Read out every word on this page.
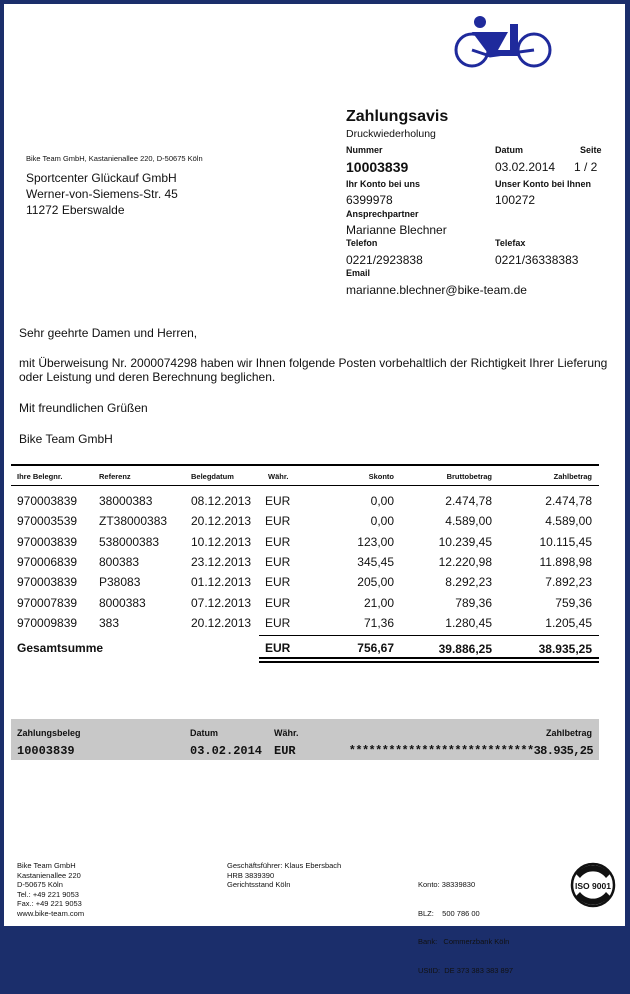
Bike Team GmbH, Kastanienallee 220, D-50675 Köln
Sportcenter Glückauf GmbH
Werner-von-Siemens-Str. 45
11272 Eberswalde
Zahlungsavis
Druckwiederholung
Nummer	Datum	Seite
10003839	03.02.2014 1 / 2
Ihr Konto bei uns	Unser Konto bei Ihnen
6399978	100272
Ansprechpartner
Marianne Blechner
Telefon	Telefax
0221/2923838	0221/36338383
Email
marianne.blechner@bike-team.de

Sehr geehrte Damen und Herren,

mit Überweisung Nr. 2000074298 haben wir Ihnen folgende Posten vorbehaltlich der Richtigkeit Ihrer Lieferung oder Leistung und deren Berechnung beglichen.

Mit freundlichen Grüßen

Bike Team GmbH

Ihre Belegnr.	Referenz	Belegdatum	Währ.	Skonto	Bruttobetrag	Zahlbetrag
970003839 38000383	08.12.2013 EUR	0,00	2.474,78	2.474,78
970003539 ZT38000383 20.12.2013 EUR	0,00	4.589,00	4.589,00
970003839 538000383	10.12.2013 EUR	123,00	10.239,45	10.115,45
970006839 800383	23.12.2013 EUR	345,45	12.220,98	11.898,98
970003839 P38083	01.12.2013 EUR	205,00	8.292,23	7.892,23
970007839 8000383	07.12.2013 EUR	21,00	789,36	759,36
970009839 383	20.12.2013 EUR	71,36	1.280,45	1.205,45
Gesamtsumme	EUR	756,67	39.886,25	38.935,25
Zahlungsbeleg	Datum	Währ.	Zahlbetrag
10003839	03.02.2014 EUR	****************************38.935,25
Bike Team GmbH
Kastanienallee 220
D-50675 Köln
Tel.: +49 221 9053
Fax.: +49 221 9053
www.bike-team.com
Geschäftsführer: Klaus Ebersbach
HRB 3839390
Gerichtsstand Köln

	Konto: 38339830

BLZ:    500 786 00

Bank:   Commerzbank Köln

UStID:  DE 373 383 383 897

ISO 9001
